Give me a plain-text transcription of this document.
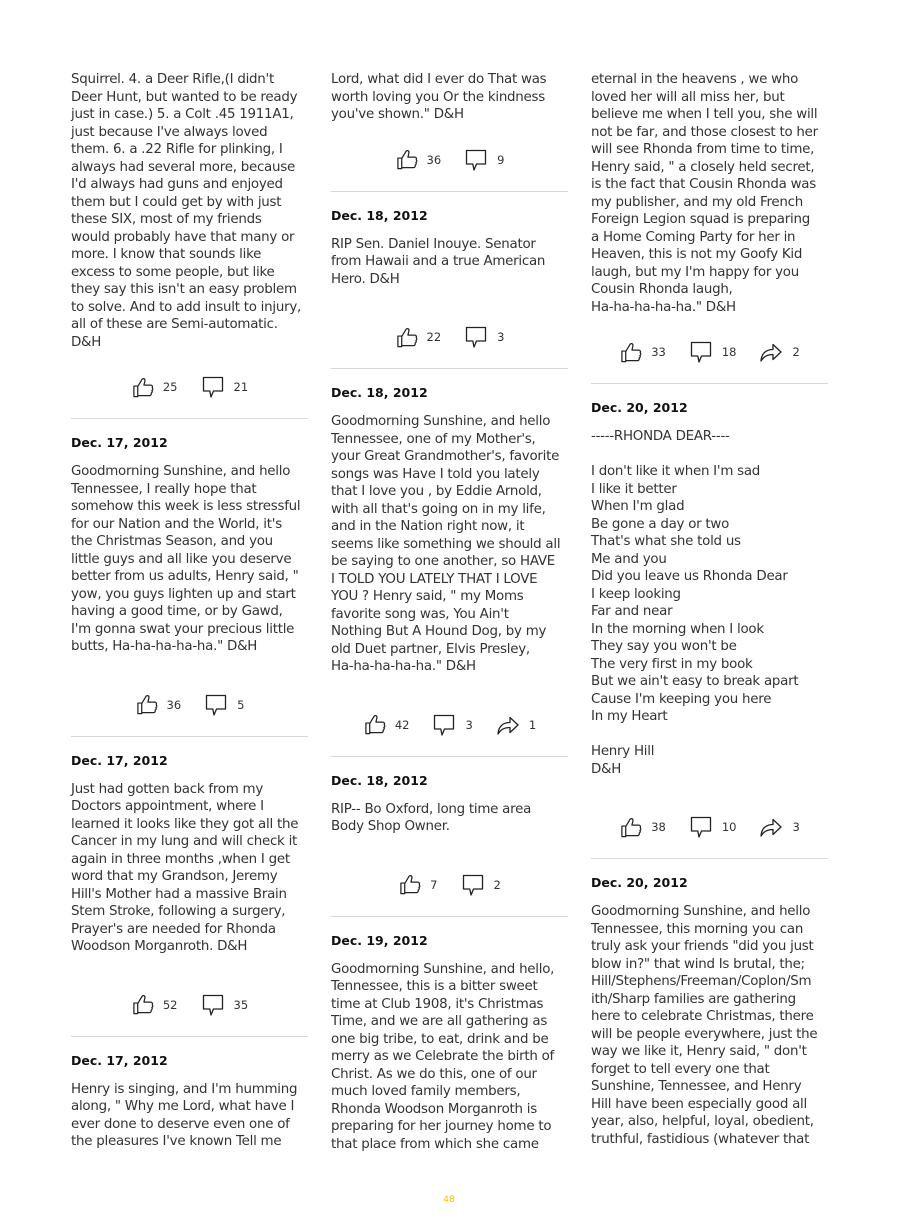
Squirrel. 4. a Deer Rifle,(I didn't
Deer Hunt, but wanted to be ready
just in case.) 5. a Colt .45 1911A1,
just because I've always loved
them. 6. a .22 Rifle for plinking, I
always had several more, because
I'd always had guns and enjoyed
them but I could get by with just
these SIX, most of my friends
would probably have that many or
more. I know that sounds like
excess to some people, but like
they say this isn't an easy problem
to solve. And to add insult to injury,
all of these are Semi-automatic.
D&H

25	21

Dec. 17, 2012

Goodmorning Sunshine, and hello
Tennessee, I really hope that
somehow this week is less stressful
for our Nation and the World, it's
the Christmas Season, and you
little guys and all like you deserve
better from us adults, Henry said, "
yow, you guys lighten up and start
having a good time, or by Gawd,
I'm gonna swat your precious little
butts, Ha-ha-ha-ha-ha." D&H

36	5

Dec. 17, 2012

Just had gotten back from my
Doctors appointment, where I
learned it looks like they got all the
Cancer in my lung and will check it
again in three months ,when I get
word that my Grandson, Jeremy
Hill's Mother had a massive Brain
Stem Stroke, following a surgery,
Prayer's are needed for Rhonda
Woodson Morganroth. D&H

52	35

Dec. 17, 2012

Henry is singing, and I'm humming
along, " Why me Lord, what have I
ever done to deserve even one of
the pleasures I've known Tell me

Lord, what did I ever do That was
worth loving you Or the kindness
you've shown." D&H

36	9

Dec. 18, 2012

RIP Sen. Daniel Inouye. Senator
from Hawaii and a true American
Hero. D&H

22	3

Dec. 18, 2012

Goodmorning Sunshine, and hello
Tennessee, one of my Mother's,
your Great Grandmother's, favorite
songs was Have I told you lately
that I love you , by Eddie Arnold,
with all that's going on in my life,
and in the Nation right now, it
seems like something we should all
be saying to one another, so HAVE
I TOLD YOU LATELY THAT I LOVE
YOU ? Henry said, " my Moms
favorite song was, You Ain't
Nothing But A Hound Dog, by my
old Duet partner, Elvis Presley,
Ha-ha-ha-ha-ha." D&H

42	3	1

Dec. 18, 2012

RIP-- Bo Oxford, long time area
Body Shop Owner.

7	2

Dec. 19, 2012

Goodmorning Sunshine, and hello,
Tennessee, this is a bitter sweet
time at Club 1908, it's Christmas
Time, and we are all gathering as
one big tribe, to eat, drink and be
merry as we Celebrate the birth of
Christ. As we do this, one of our
much loved family members,
Rhonda Woodson Morganroth is
preparing for her journey home to
that place from which she came

eternal in the heavens , we who
loved her will all miss her, but
believe me when I tell you, she will
not be far, and those closest to her
will see Rhonda from time to time,
Henry said, " a closely held secret,
is the fact that Cousin Rhonda was
my publisher, and my old French
Foreign Legion squad is preparing
a Home Coming Party for her in
Heaven, this is not my Goofy Kid
laugh, but my I'm happy for you
Cousin Rhonda laugh,
Ha-ha-ha-ha-ha." D&H

33	18	2

Dec. 20, 2012

-----RHONDA DEAR----

I don't like it when I'm sad
I like it better
When I'm glad
Be gone a day or two
That's what she told us
Me and you
Did you leave us Rhonda Dear
I keep looking
Far and near
In the morning when I look
They say you won't be
The very first in my book
But we ain't easy to break apart
Cause I'm keeping you here
In my Heart

Henry Hill
D&H

38	10	3

Dec. 20, 2012

Goodmorning Sunshine, and hello
Tennessee, this morning you can
truly ask your friends "did you just
blow in?" that wind Is brutal, the;
Hill/Stephens/Freeman/Coplon/Sm
ith/Sharp families are gathering
here to celebrate Christmas, there
will be people everywhere, just the
way we like it, Henry said, " don't
forget to tell every one that
Sunshine, Tennessee, and Henry
Hill have been especially good all
year, also, helpful, loyal, obedient,
truthful, fastidious (whatever that

48
